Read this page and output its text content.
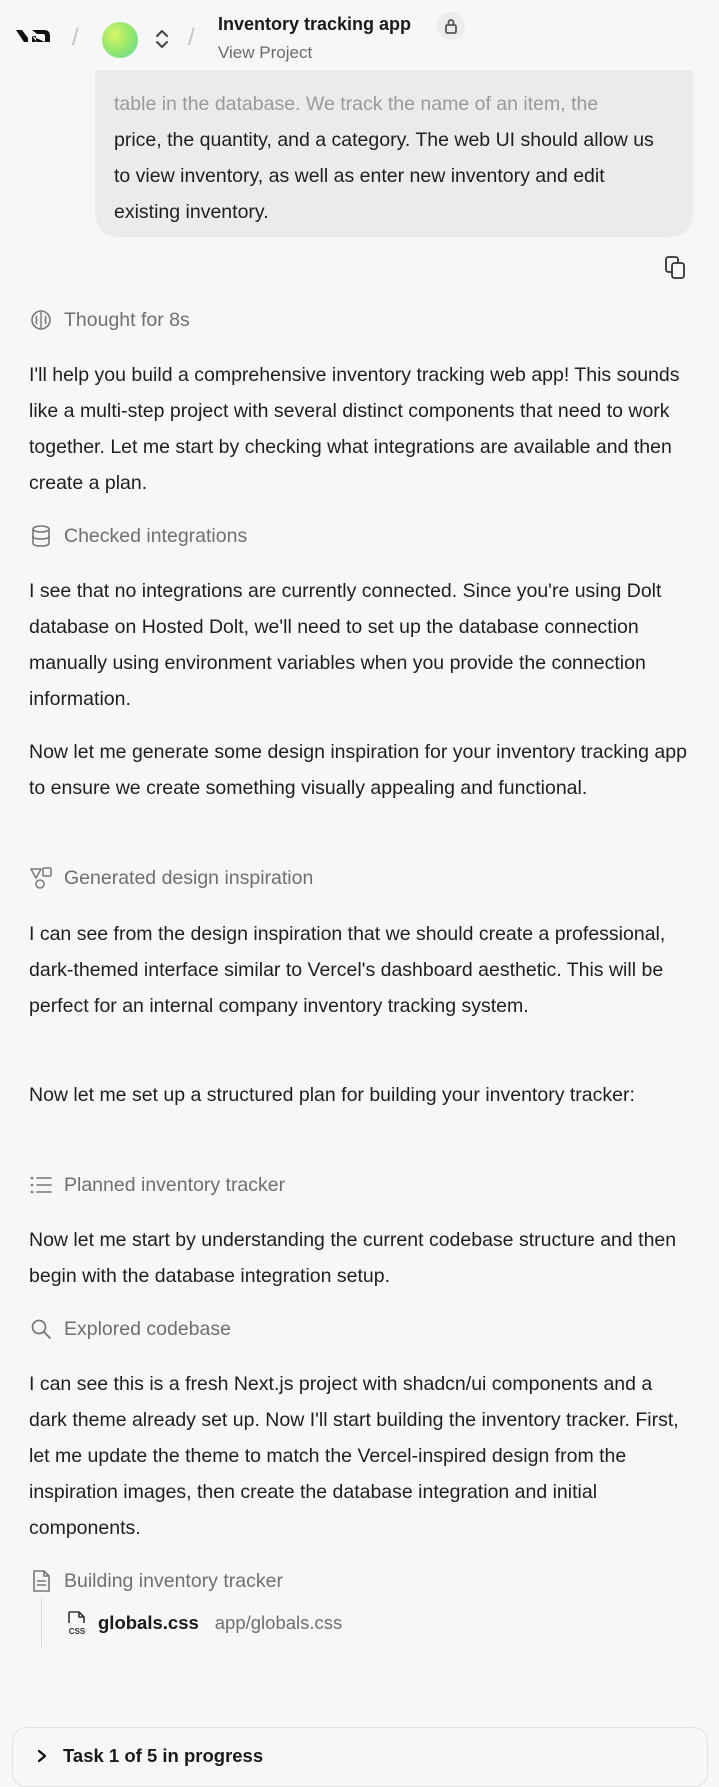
/	/ Inventory tracking app
View Project

table in the database. We track the name of an item, the
price, the quantity, and a category. The web UI should allow us to view inventory, as well as enter new inventory and edit existing inventory.

Thought for 8s

I'll help you build a comprehensive inventory tracking web app! This sounds like a multi-step project with several distinct components that need to work together. Let me start by checking what integrations are available and then create a plan.

Checked integrations

I see that no integrations are currently connected. Since you're using Dolt database on Hosted Dolt, we'll need to set up the database connection manually using environment variables when you provide the connection information.

Now let me generate some design inspiration for your inventory tracking app to ensure we create something visually appealing and functional.

Generated design inspiration

I can see from the design inspiration that we should create a professional, dark-themed interface similar to Vercel's dashboard aesthetic. This will be perfect for an internal company inventory tracking system.

Now let me set up a structured plan for building your inventory tracker:

Planned inventory tracker

Now let me start by understanding the current codebase structure and then begin with the database integration setup.

Explored codebase

I can see this is a fresh Next.js project with shadcn/ui components and a dark theme already set up. Now I'll start building the inventory tracker. First, let me update the theme to match the Vercel-inspired design from the inspiration images, then create the database integration and initial components.

Building inventory tracker
CSS globals.css app/globals.css
Task 1 of 5 in progress
